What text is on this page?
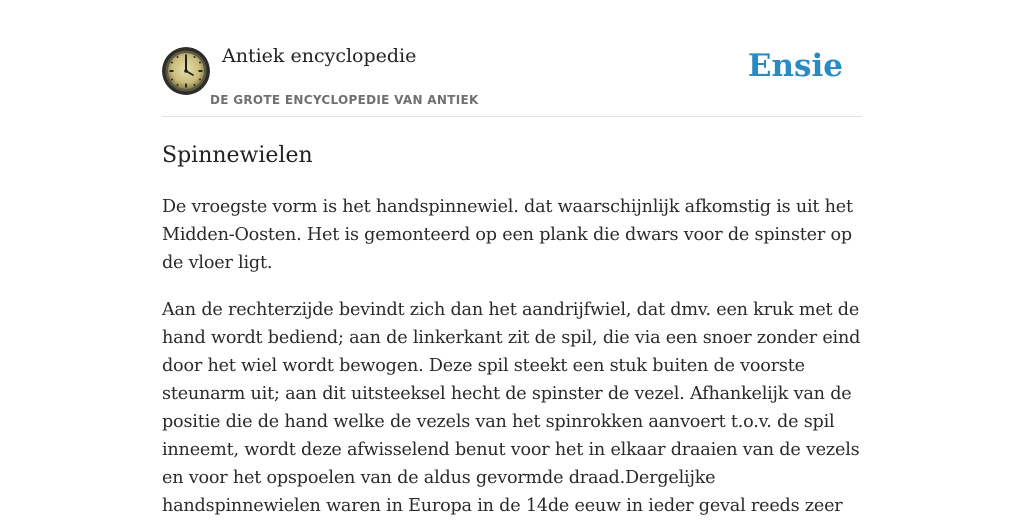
Antiek encyclopedie
DE GROTE ENCYCLOPEDIE VAN ANTIEK
Ensie
Spinnewielen

De vroegste vorm is het handspinnewiel. dat waarschijnlijk afkomstig is uit het Midden-Oosten. Het is gemonteerd op een plank die dwars voor de spinster op de vloer ligt.

Aan de rechterzijde bevindt zich dan het aandrijfwiel, dat dmv. een kruk met de hand wordt bediend; aan de linkerkant zit de spil, die via een snoer zonder eind door het wiel wordt bewogen. Deze spil steekt een stuk buiten de voorste steunarm uit; aan dit uitsteeksel hecht de spinster de vezel. Afhankelijk van de positie die de hand welke de vezels van het spinrokken aanvoert t.o.v. de spil inneemt, wordt deze afwisselend benut voor het in elkaar draaien van de vezels en voor het opspoelen van de aldus gevormde draad.Dergelijke handspinnewielen waren in Europa in de 14de eeuw in ieder geval reeds zeer
